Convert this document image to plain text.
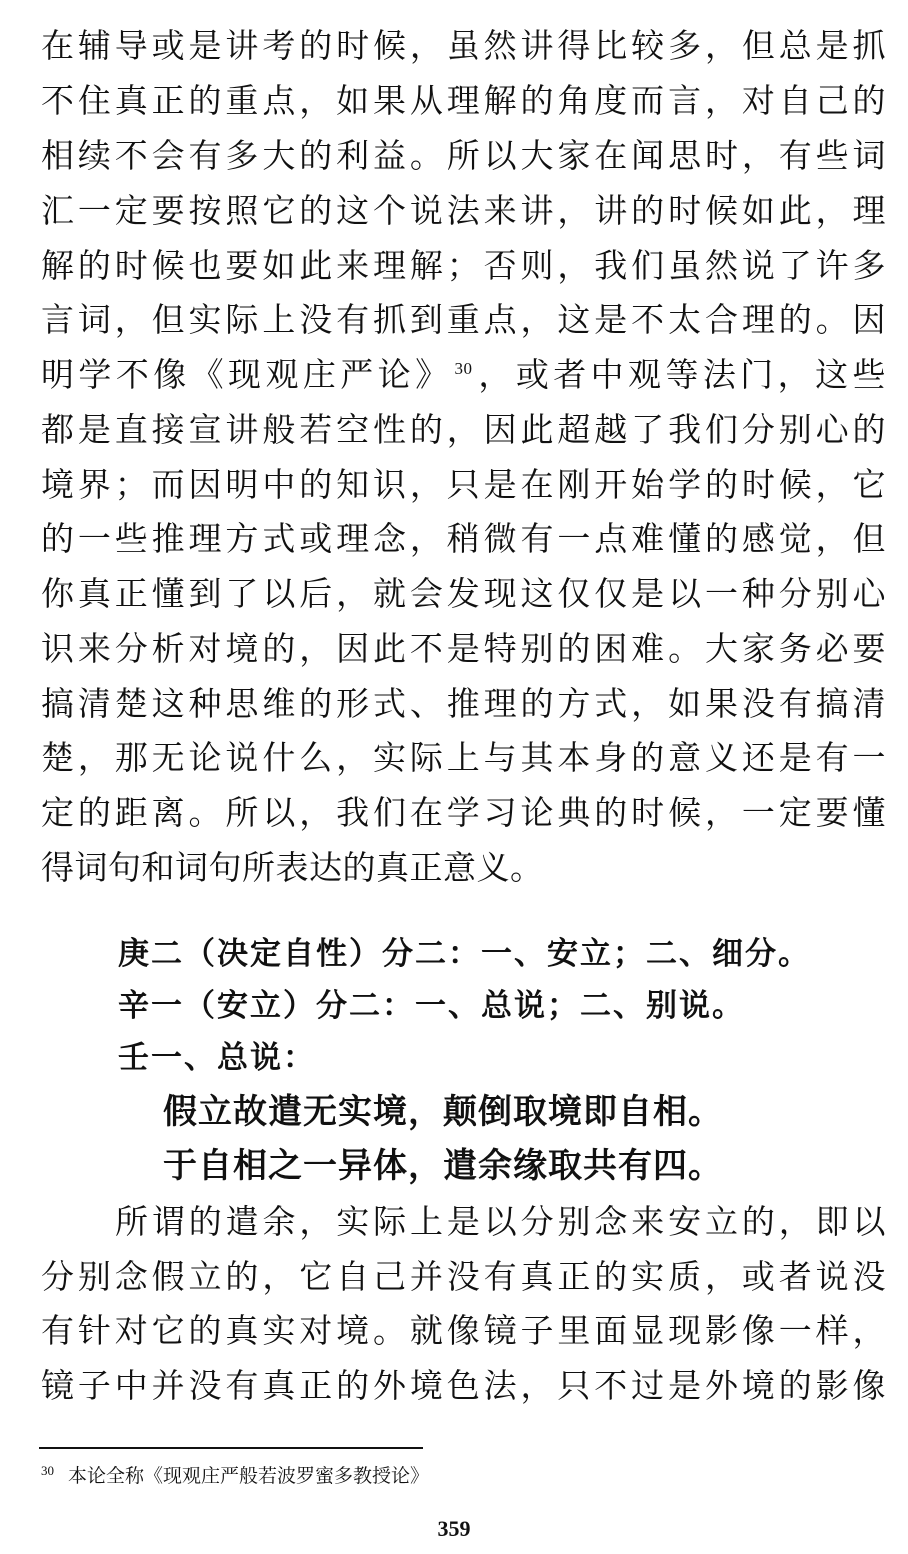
在辅导或是讲考的时候，虽然讲得比较多，但总是抓
不住真正的重点，如果从理解的角度而言，对自己的
相续不会有多大的利益。所以大家在闻思时，有些词
汇一定要按照它的这个说法来讲，讲的时候如此，理
解的时候也要如此来理解；否则，我们虽然说了许多
言词，但实际上没有抓到重点，这是不太合理的。因
明学不像《现观庄严论》 $^{30}$，或者中观等法门，这些
都是直接宣讲般若空性的，因此超越了我们分别心的
境界；而因明中的知识，只是在刚开始学的时候，它
的一些推理方式或理念，稍微有一点难懂的感觉，但
你真正懂到了以后，就会发现这仅仅是以一种分别心
识来分析对境的，因此不是特别的困难。大家务必要
搞清楚这种思维的形式、推理的方式，如果没有搞清
楚，那无论说什么，实际上与其本身的意义还是有一
定的距离。所以，我们在学习论典的时候，一定要懂
得词句和词句所表达的真正意义。
庚二（决定自性）分二：一、安立；二、细分。
辛一（安立）分二：一、总说；二、别说。
壬一、总说：
假立故遣无实境，颠倒取境即自相。
于自相之一异体，遣余缘取共有四。
所谓的遣余，实际上是以分别念来安立的，即以
分别念假立的，它自己并没有真正的实质，或者说没
有针对它的真实对境。就像镜子里面显现影像一样，
镜子中并没有真正的外境色法，只不过是外境的影像
$^{30}$ 本论全称《现观庄严般若波罗蜜多教授论》
359
